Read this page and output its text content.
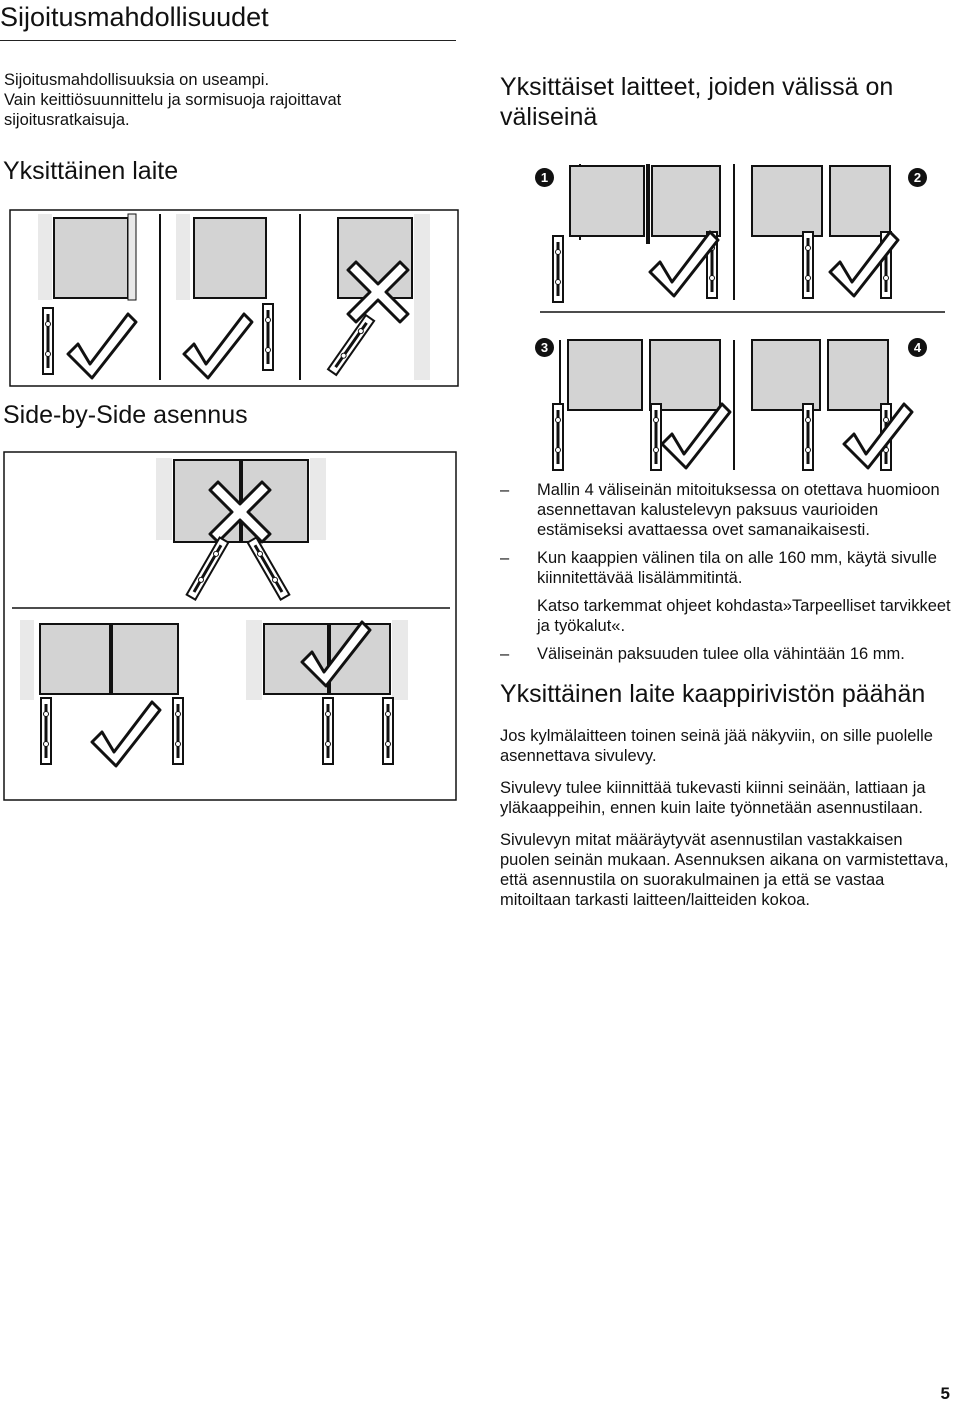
Sijoitusmahdollisuudet
Sijoitusmahdollisuuksia on useampi.
Vain keittiösuunnittelu ja sormisuoja rajoittavat sijoitusratkaisuja.
Yksittäinen laite
Yksittäiset laitteet, joiden välissä on väliseinä
Side-by-Side asennus
1	2
3	4
– Mallin 4 väliseinän mitoituksessa on otettava huomioon asennettavan kalustelevyn paksuus vaurioiden estämiseksi avattaessa ovet samanaikaisesti.
– Kun kaappien välinen tila on alle 160 mm, käytä sivulle kiinnitettävää lisälämmitintä.
Katso tarkemmat ohjeet kohdasta»Tarpeelliset tarvikkeet ja työkalut«.
– Väliseinän paksuuden tulee olla vähintään 16 mm.
Yksittäinen laite kaappirivistön päähän

Jos kylmälaitteen toinen seinä jää näkyviin, on sille puolelle asennettava sivulevy.

Sivulevy tulee kiinnittää tukevasti kiinni seinään, lattiaan ja yläkaappeihin, ennen kuin laite työnnetään asennustilaan.

Sivulevyn mitat määräytyvät asennustilan vastakkaisen puolen seinän mukaan. Asennuksen aikana on varmistettava, että asennustila on suorakulmainen ja että se vastaa mitoiltaan tarkasti laitteen/laitteiden kokoa.

5
